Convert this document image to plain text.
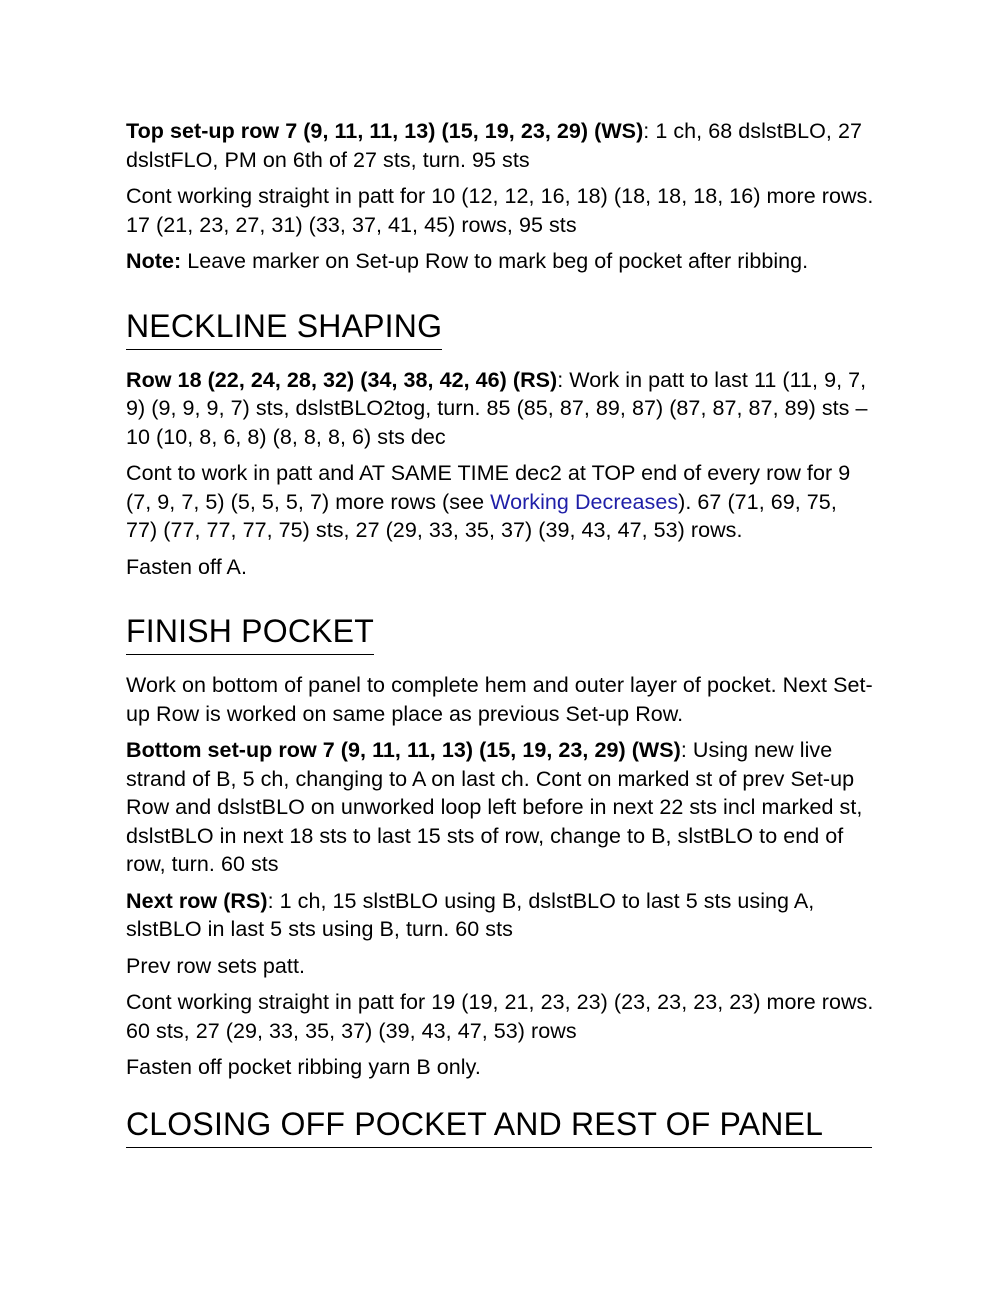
Top set-up row 7 (9, 11, 11, 13) (15, 19, 23, 29) (WS): 1 ch, 68 dslstBLO, 27 dslstFLO, PM on 6th of 27 sts, turn. 95 sts

Cont working straight in patt for 10 (12, 12, 16, 18) (18, 18, 18, 16) more rows. 17 (21, 23, 27, 31) (33, 37, 41, 45) rows, 95 sts

Note: Leave marker on Set-up Row to mark beg of pocket after ribbing.

NECKLINE SHAPING

Row 18 (22, 24, 28, 32) (34, 38, 42, 46) (RS): Work in patt to last 11 (11, 9, 7, 9) (9, 9, 9, 7) sts, dslstBLO2tog, turn. 85 (85, 87, 89, 87) (87, 87, 87, 89) sts – 10 (10, 8, 6, 8) (8, 8, 8, 6) sts dec

Cont to work in patt and AT SAME TIME dec2 at TOP end of every row for 9 (7, 9, 7, 5) (5, 5, 5, 7) more rows (see Working Decreases). 67 (71, 69, 75, 77) (77, 77, 77, 75) sts, 27 (29, 33, 35, 37) (39, 43, 47, 53) rows.

Fasten off A.

FINISH POCKET

Work on bottom of panel to complete hem and outer layer of pocket. Next Set-up Row is worked on same place as previous Set-up Row.

Bottom set-up row 7 (9, 11, 11, 13) (15, 19, 23, 29) (WS): Using new live strand of B, 5 ch, changing to A on last ch. Cont on marked st of prev Set-up Row and dslstBLO on unworked loop left before in next 22 sts incl marked st, dslstBLO in next 18 sts to last 15 sts of row, change to B, slstBLO to end of row, turn. 60 sts

Next row (RS): 1 ch, 15 slstBLO using B, dslstBLO to last 5 sts using A, slstBLO in last 5 sts using B, turn. 60 sts

Prev row sets patt.

Cont working straight in patt for 19 (19, 21, 23, 23) (23, 23, 23, 23) more rows. 60 sts, 27 (29, 33, 35, 37) (39, 43, 47, 53) rows

Fasten off pocket ribbing yarn B only.

CLOSING OFF POCKET AND REST OF PANEL
